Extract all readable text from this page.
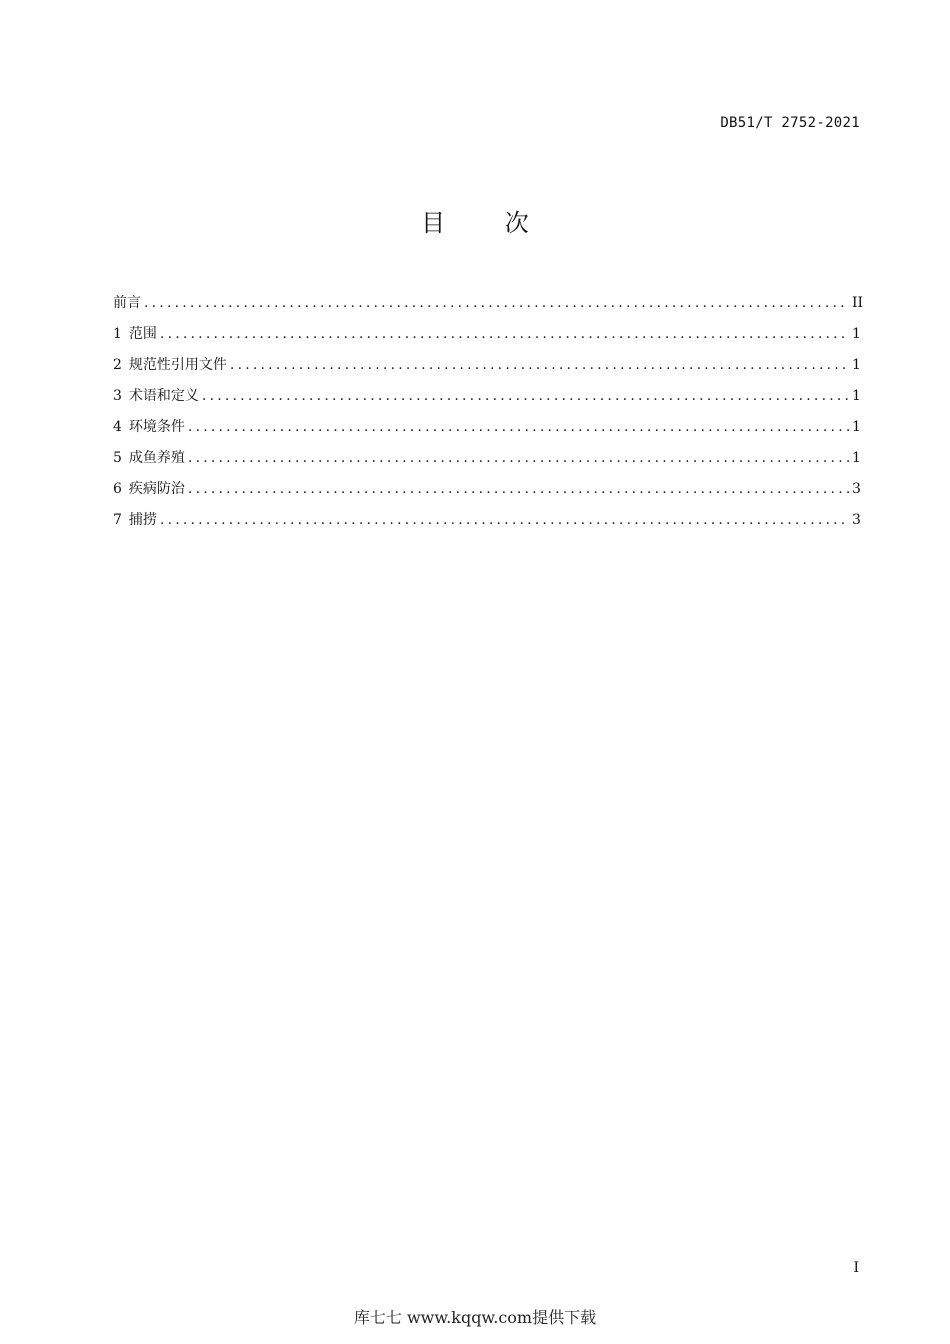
DB51/T 2752-2021
目 次
前言 .....	II
1 范围 .....	1
2 规范性引用文件 .....	1
3 术语和定义 .....	1
4 环境条件 .....	1
5 成鱼养殖 .....	1
6 疾病防治 .....	3
7 捕捞 .....	3
I
库七七 www.kqqw.com提供下载
